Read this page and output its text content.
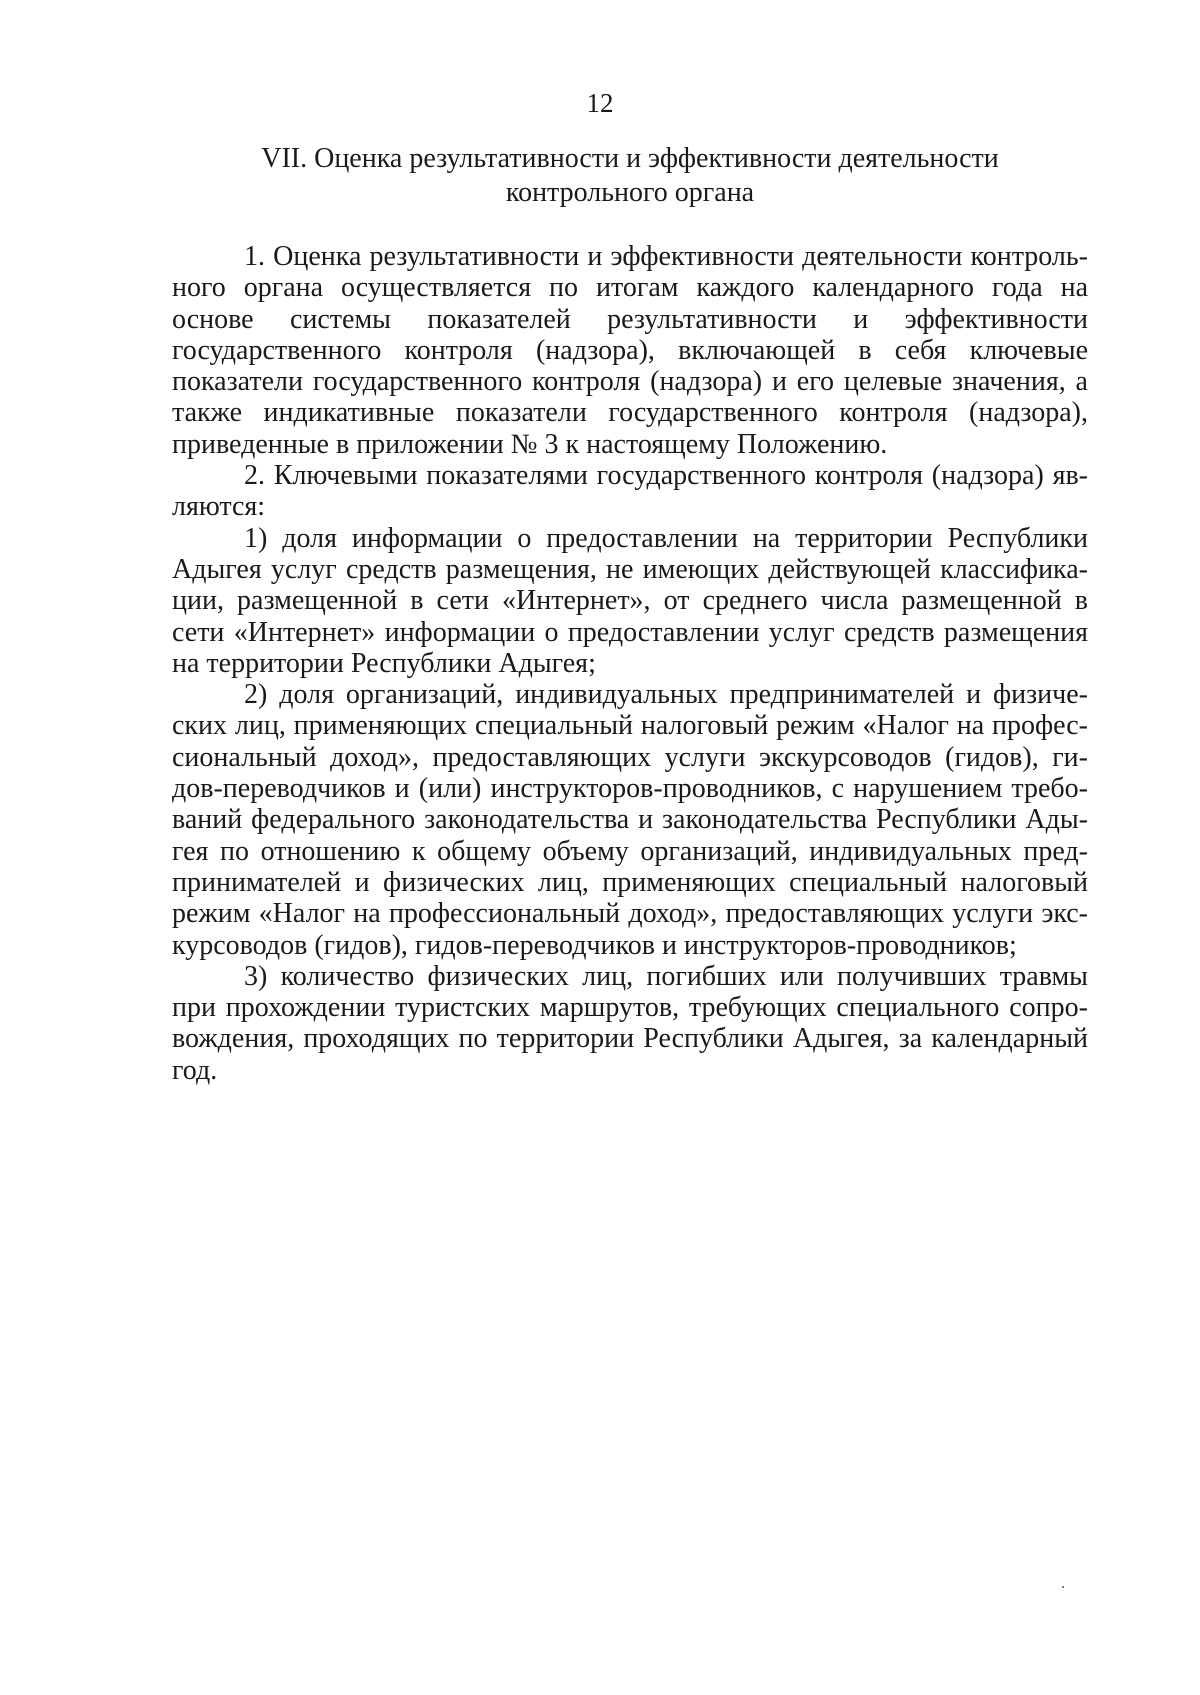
12
VII. Оценка результативности и эффективности деятельности
контрольного органа

1. Оценка результативности и эффективности деятельности контрольного органа осуществляется по итогам каждого календарного года на основе системы показателей результативности и эффективности государственного контроля (надзора), включающей в себя ключевые показатели государственного контроля (надзора) и его целевые значения, а также индикативные показатели государственного контроля (надзора), приведенные в приложении № 3 к настоящему Положению.

2. Ключевыми показателями государственного контроля (надзора) являются:

1) доля информации о предоставлении на территории Республики Адыгея услуг средств размещения, не имеющих действующей классификации, размещенной в сети «Интернет», от среднего числа размещенной в сети «Интернет» информации о предоставлении услуг средств размещения на территории Республики Адыгея;

2) доля организаций, индивидуальных предпринимателей и физических лиц, применяющих специальный налоговый режим «Налог на профессиональный доход», предоставляющих услуги экскурсоводов (гидов), гидов-переводчиков и (или) инструкторов-проводников, с нарушением требований федерального законодательства и законодательства Республики Адыгея по отношению к общему объему организаций, индивидуальных предпринимателей и физических лиц, применяющих специальный налоговый режим «Налог на профессиональный доход», предоставляющих услуги экскурсоводов (гидов), гидов-переводчиков и инструкторов-проводников;

3) количество физических лиц, погибших или получивших травмы при прохождении туристских маршрутов, требующих специального сопровождения, проходящих по территории Республики Адыгея, за календарный год.
